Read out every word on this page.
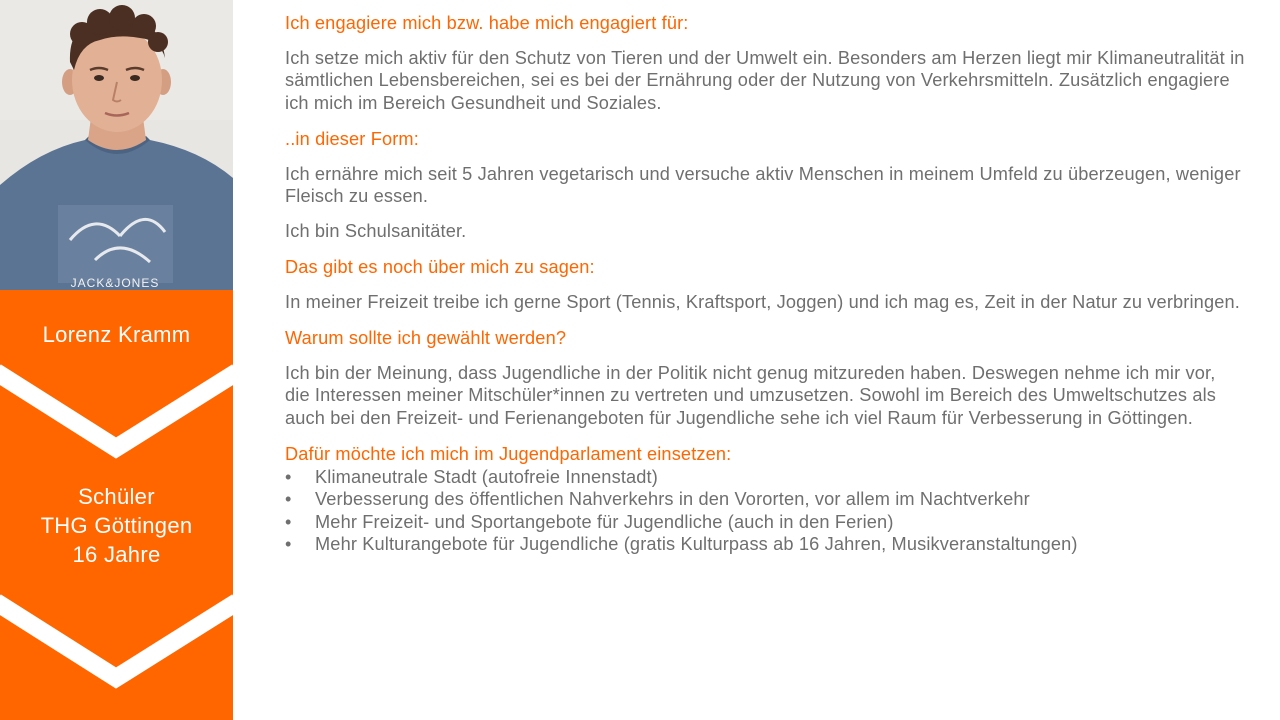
JACK&JONES
Lorenz Kramm
Schüler
THG Göttingen
16 Jahre

Ich engagiere mich bzw. habe mich engagiert für:

Ich setze mich aktiv für den Schutz von Tieren und der Umwelt ein. Besonders am Herzen liegt mir Klimaneutralität in sämtlichen Lebensbereichen, sei es bei der Ernährung oder der Nutzung von Verkehrsmitteln. Zusätzlich engagiere ich mich im Bereich Gesundheit und Soziales.

..in dieser Form:

Ich ernähre mich seit 5 Jahren vegetarisch und versuche aktiv Menschen in meinem Umfeld zu überzeugen, weniger Fleisch zu essen.

Ich bin Schulsanitäter.

Das gibt es noch über mich zu sagen:

In meiner Freizeit treibe ich gerne Sport (Tennis, Kraftsport, Joggen) und ich mag es, Zeit in der Natur zu verbringen.

Warum sollte ich gewählt werden?

Ich bin der Meinung, dass Jugendliche in der Politik nicht genug mitzureden haben. Deswegen nehme ich mir vor, die Interessen meiner Mitschüler*innen zu vertreten und umzusetzen. Sowohl im Bereich des Umweltschutzes als auch bei den Freizeit- und Ferienangeboten für Jugendliche sehe ich viel Raum für Verbesserung in Göttingen.

Dafür möchte ich mich im Jugendparlament einsetzen:

• Klimaneutrale Stadt (autofreie Innenstadt)
• Verbesserung des öffentlichen Nahverkehrs in den Vororten, vor allem im Nachtverkehr
• Mehr Freizeit- und Sportangebote für Jugendliche (auch in den Ferien)
• Mehr Kulturangebote für Jugendliche (gratis Kulturpass ab 16 Jahren, Musikveranstaltungen)
